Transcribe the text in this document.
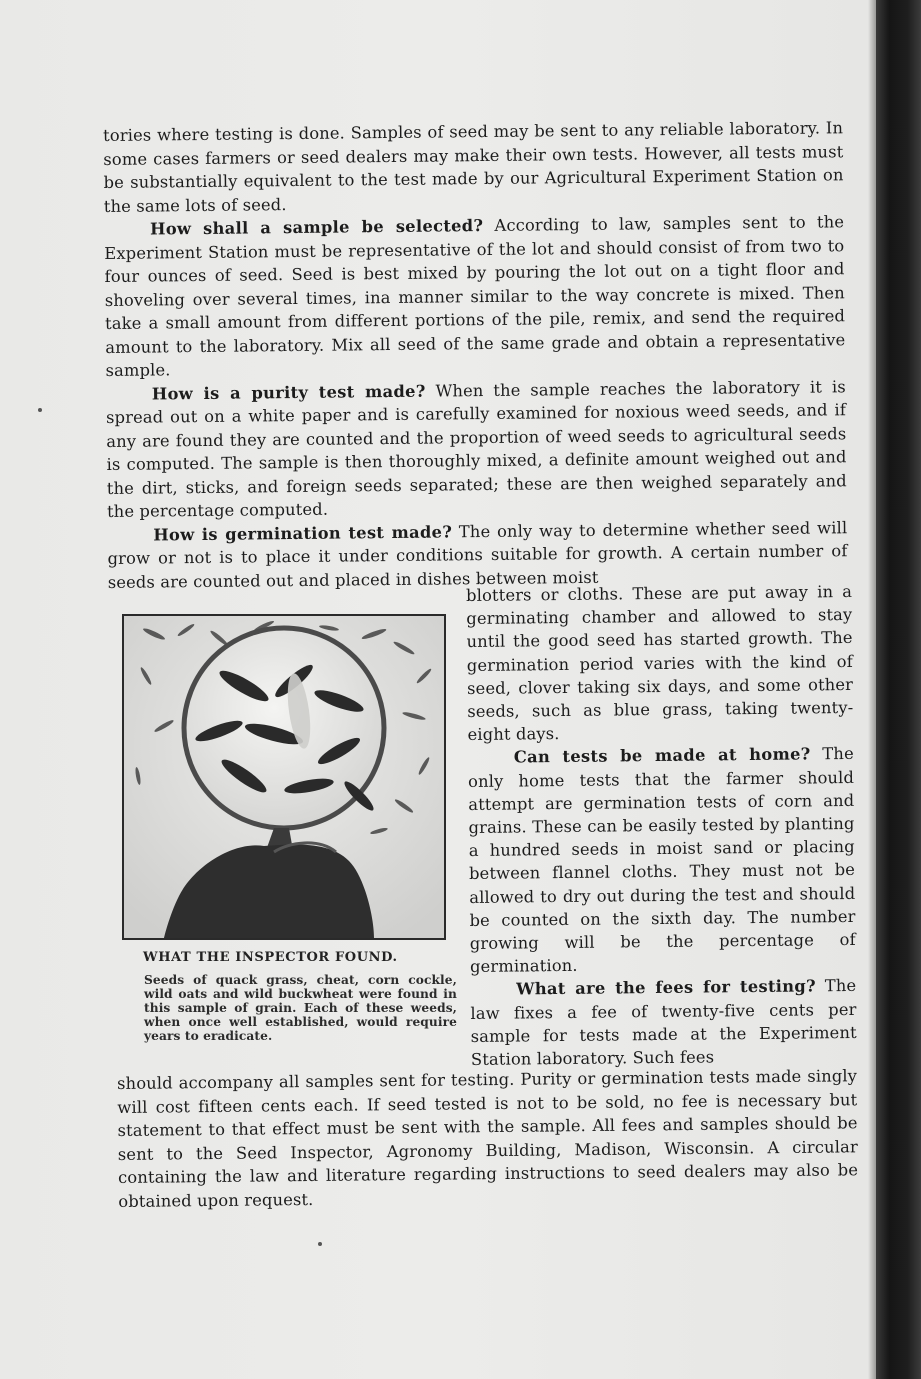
tories where testing is done. Samples of seed may be sent to any reliable laboratory. In some cases farmers or seed dealers may make their own tests. However, all tests must be substantially equivalent to the test made by our Agricultural Experiment Station on the same lots of seed.

How shall a sample be selected? According to law, samples sent to the Experiment Station must be representative of the lot and should consist of from two to four ounces of seed. Seed is best mixed by pouring the lot out on a tight floor and shoveling over several times, ina manner similar to the way concrete is mixed. Then take a small amount from different portions of the pile, remix, and send the required amount to the laboratory. Mix all seed of the same grade and obtain a representative sample.

How is a purity test made? When the sample reaches the laboratory it is spread out on a white paper and is carefully examined for noxious weed seeds, and if any are found they are counted and the proportion of weed seeds to agricultural seeds is computed. The sample is then thoroughly mixed, a definite amount weighed out and the dirt, sticks, and foreign seeds separated; these are then weighed separately and the percentage computed.

How is germination test made? The only way to determine whether seed will grow or not is to place it under conditions suitable for growth. A certain number of seeds are counted out and placed in dishes between moist

WHAT THE INSPECTOR FOUND.

Seeds of quack grass, cheat, corn cockle, wild oats and wild buckwheat were found in this sample of grain. Each of these weeds, when once well established, would require years to eradicate.

blotters or cloths. These are put away in a germinating chamber and allowed to stay until the good seed has started growth. The germination period varies with the kind of seed, clover taking six days, and some other seeds, such as blue grass, taking twenty-eight days.

Can tests be made at home? The only home tests that the farmer should attempt are germination tests of corn and grains. These can be easily tested by planting a hundred seeds in moist sand or placing between flannel cloths. They must not be allowed to dry out during the test and should be counted on the sixth day. The number growing will be the percentage of germination.

What are the fees for testing? The law fixes a fee of twenty-five cents per sample for tests made at the Experiment Station laboratory. Such fees

should accompany all samples sent for testing. Purity or germination tests made singly will cost fifteen cents each. If seed tested is not to be sold, no fee is necessary but statement to that effect must be sent with the sample. All fees and samples should be sent to the Seed Inspector, Agronomy Building, Madison, Wisconsin. A circular containing the law and literature regarding instructions to seed dealers may also be obtained upon request.
